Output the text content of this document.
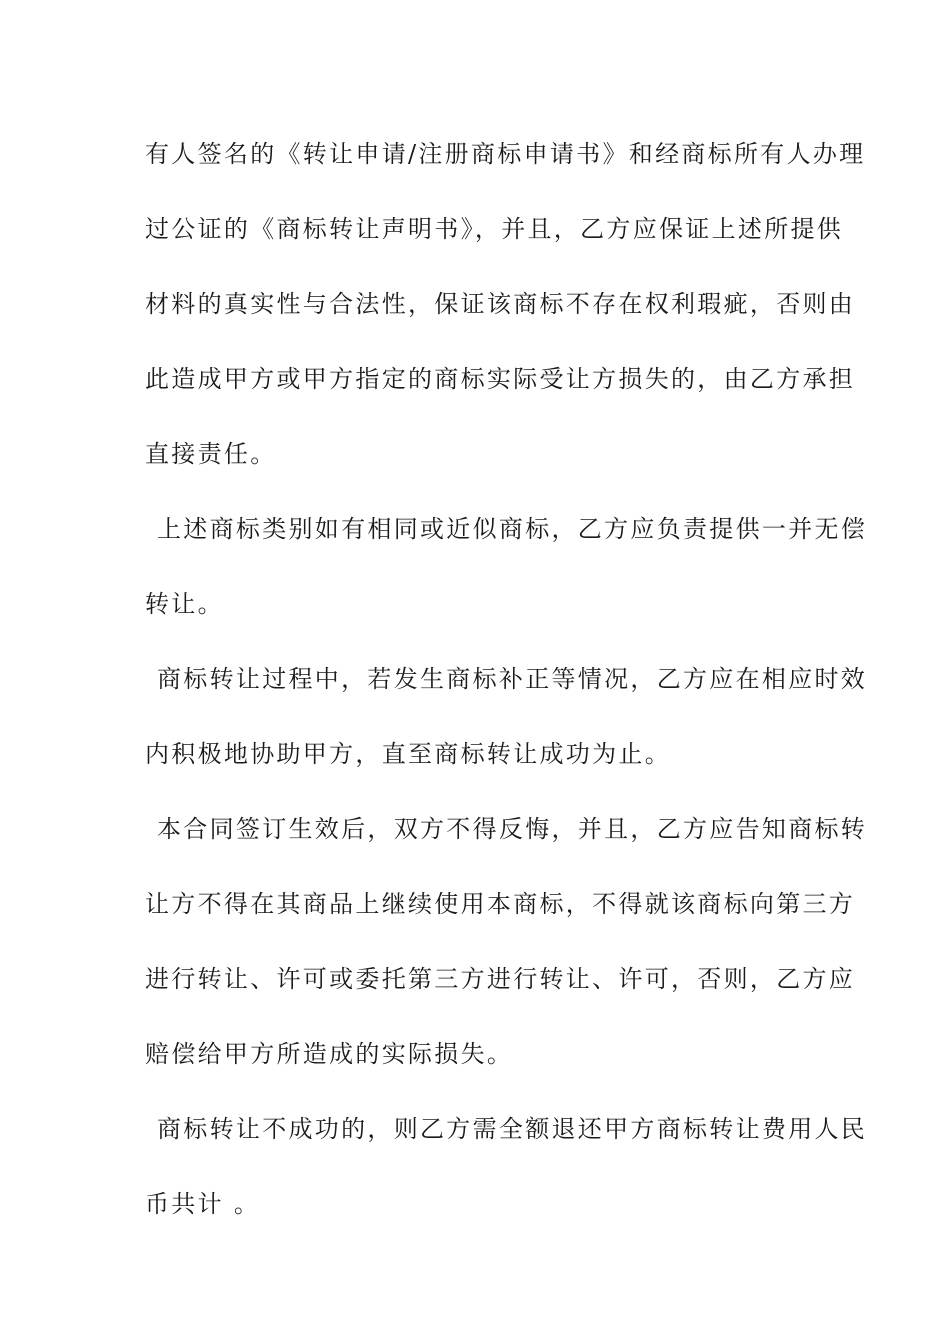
有人签名的《转让申请/注册商标申请书》和经商标所有人办理
过公证的《商标转让声明书》，并且，乙方应保证上述所提供
材料的真实性与合法性，保证该商标不存在权利瑕疵，否则由
此造成甲方或甲方指定的商标实际受让方损失的，由乙方承担
直接责任。
上述商标类别如有相同或近似商标，乙方应负责提供一并无偿
转让。
商标转让过程中，若发生商标补正等情况，乙方应在相应时效
内积极地协助甲方，直至商标转让成功为止。
本合同签订生效后，双方不得反悔，并且，乙方应告知商标转
让方不得在其商品上继续使用本商标，不得就该商标向第三方
进行转让、许可或委托第三方进行转让、许可，否则，乙方应
赔偿给甲方所造成的实际损失。
商标转让不成功的，则乙方需全额退还甲方商标转让费用人民
币共计 。
